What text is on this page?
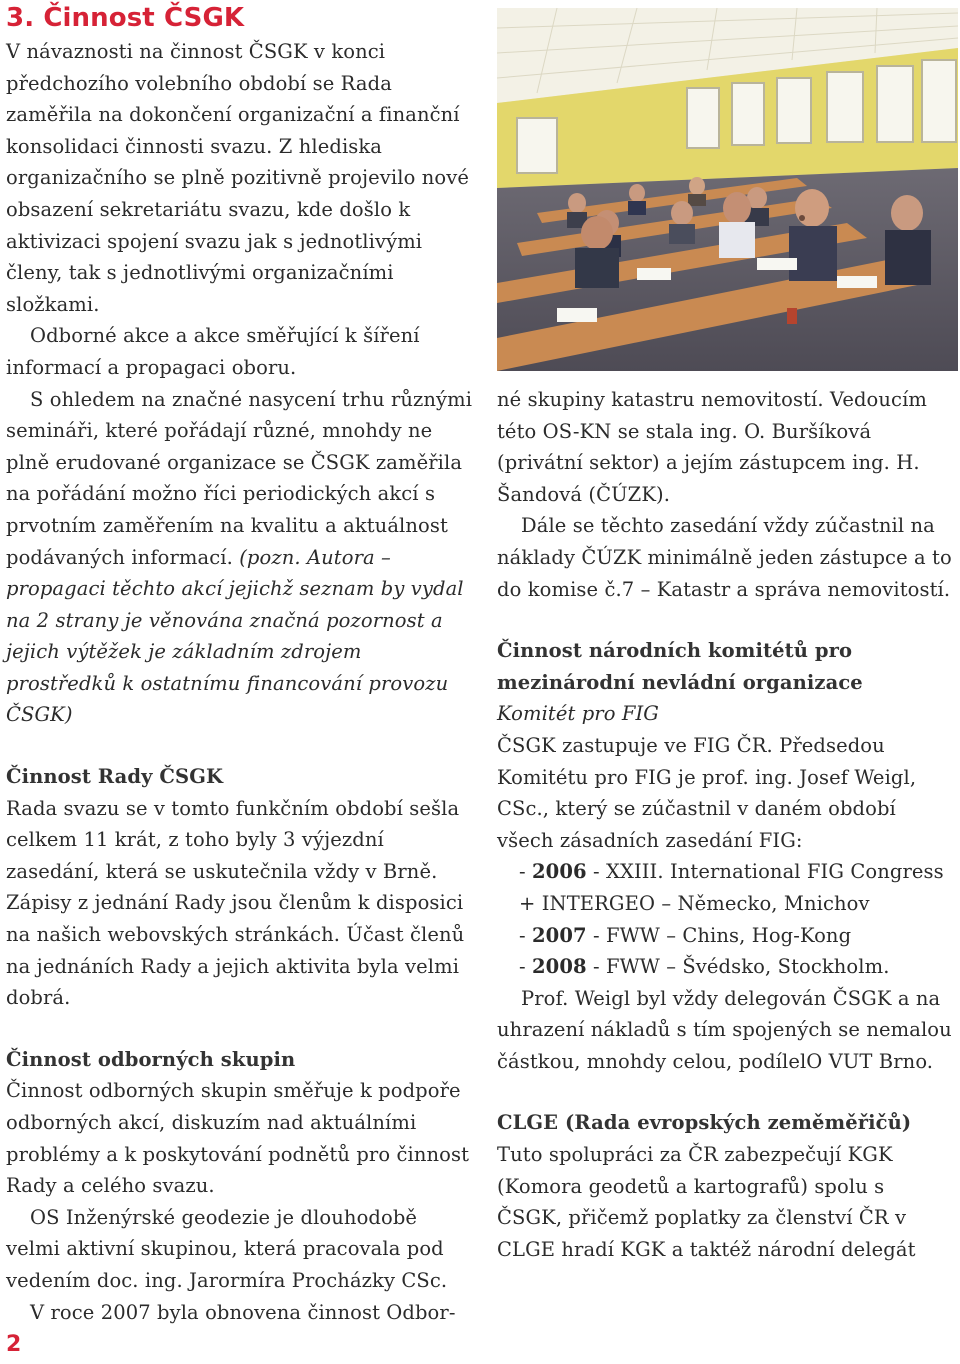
3. Činnost ČSGK

V návaznosti na činnost ČSGK v konci předchozího volebního období se Rada zaměřila na dokončení organizační a finanční konsolidaci činnosti svazu. Z hlediska organizačního se plně pozitivně projevilo nové obsazení sekretariátu svazu, kde došlo k aktivizaci spojení svazu jak s jednotlivými členy, tak s jednotlivými organizačními složkami.

Odborné akce a akce směřující k šíření informací a propagaci oboru.

S ohledem na značné nasycení trhu různými semináři, které pořádají různé, mnohdy ne plně erudované organizace se ČSGK zaměřila na pořádání možno říci periodických akcí s prvotním zaměřením na kvalitu a aktuálnost podávaných informací. (pozn. Autora – propagaci těchto akcí jejichž seznam by vydal na 2 strany je věnována značná pozornost a jejich výtěžek je základním zdrojem prostředků k ostatnímu financování provozu ČSGK)

Činnost Rady ČSGK

Rada svazu se v tomto funkčním období sešla celkem 11 krát, z toho byly 3 výjezdní zasedání, která se uskutečnila vždy v Brně. Zápisy z jednání Rady jsou členům k disposici na našich webovských stránkách. Účast členů na jednáních Rady a jejich aktivita byla velmi dobrá.

Činnost odborných skupin

Činnost odborných skupin směřuje k podpoře odborných akcí, diskuzím nad aktuálními problémy a k poskytování podnětů pro činnost Rady a celého svazu.

OS Inženýrské geodezie je dlouhodobě velmi aktivní skupinou, která pracovala pod vedením doc. ing. Jarormíra Procházky CSc.

V roce 2007 byla obnovena činnost Odbor-

né skupiny katastru nemovitostí. Vedoucím této OS-KN se stala ing. O. Buršíková (privátní sektor) a jejím zástupcem ing. H. Šandová (ČÚZK).

Dále se těchto zasedání vždy zúčastnil na náklady ČÚZK minimálně jeden zástupce a to do komise č.7 – Katastr a správa nemovitostí.

Činnost národních komitétů pro mezinárodní nevládní organizace

Komitét pro FIG

ČSGK zastupuje ve FIG ČR. Předsedou Komitétu pro FIG je prof. ing. Josef Weigl, CSc., který se zúčastnil v daném období všech zásadních zasedání FIG:

- 2006 - XXIII. International FIG Congress + INTERGEO – Německo, Mnichov

- 2007 - FWW – Chins, Hog-Kong

- 2008 - FWW – Švédsko, Stockholm.

Prof. Weigl byl vždy delegován ČSGK a na uhrazení nákladů s tím spojených se nemalou částkou, mnohdy celou, podílelO VUT Brno.

CLGE (Rada evropských zeměměřičů)

Tuto spolupráci za ČR zabezpečují KGK (Komora geodetů a kartografů) spolu s ČSGK, přičemž poplatky za členství ČR v CLGE hradí KGK a taktéž národní delegát

2
